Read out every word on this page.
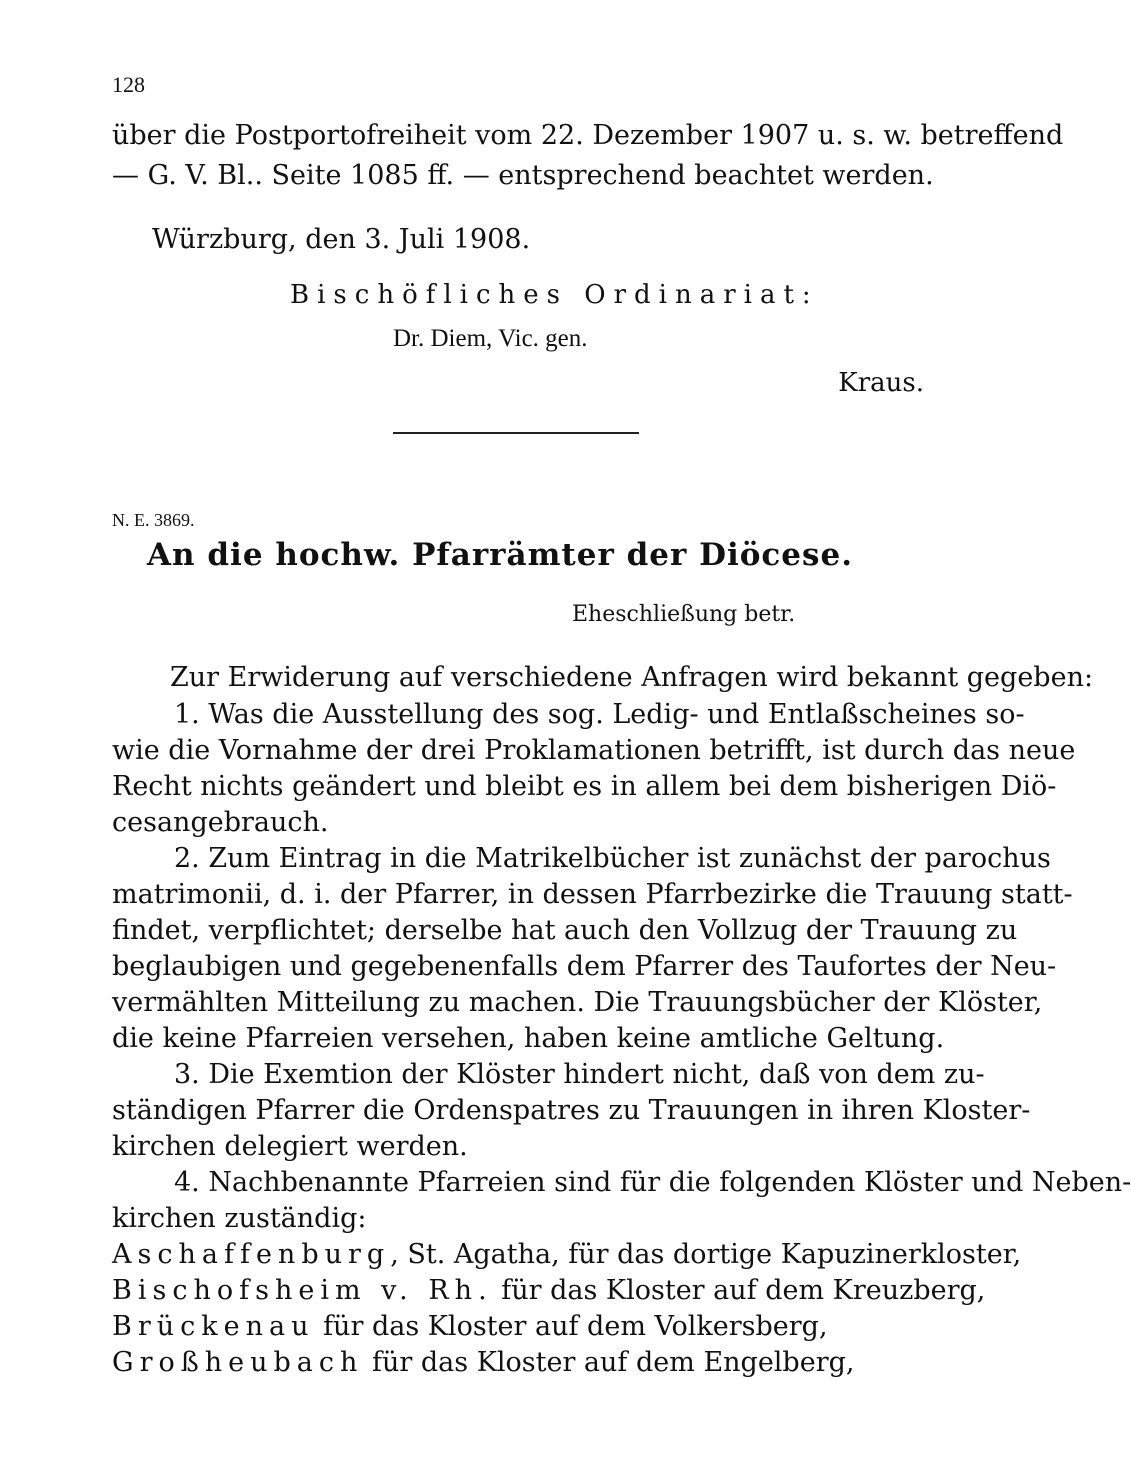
128
über die Postportofreiheit vom 22. Dezember 1907 u. s. w. betreffend
— G. V. Bl.. Seite 1085 ff. — entsprechend beachtet werden.
Würzburg, den 3. Juli 1908.
Bischöfliches Ordinariat:
Dr. Diem, Vic. gen.
Kraus.
N. E. 3869.
An die hochw. Pfarrämter der Diöcese.
Eheschließung betr.
Zur Erwiderung auf verschiedene Anfragen wird bekannt gegeben:
1. Was die Ausstellung des sog. Ledig- und Entlaßscheines so-
wie die Vornahme der drei Proklamationen betrifft, ist durch das neue
Recht nichts geändert und bleibt es in allem bei dem bisherigen Diö-
cesangebrauch.
2. Zum Eintrag in die Matrikelbücher ist zunächst der parochus
matrimonii, d. i. der Pfarrer, in dessen Pfarrbezirke die Trauung statt-
findet, verpflichtet; derselbe hat auch den Vollzug der Trauung zu
beglaubigen und gegebenenfalls dem Pfarrer des Taufortes der Neu-
vermählten Mitteilung zu machen. Die Trauungsbücher der Klöster,
die keine Pfarreien versehen, haben keine amtliche Geltung.
3. Die Exemtion der Klöster hindert nicht, daß von dem zu-
ständigen Pfarrer die Ordenspatres zu Trauungen in ihren Kloster-
kirchen delegiert werden.
4. Nachbenannte Pfarreien sind für die folgenden Klöster und Neben-
kirchen zuständig:
Aschaffenburg, St. Agatha, für das dortige Kapuzinerkloster,
Bischofsheim v. Rh. für das Kloster auf dem Kreuzberg,
Brückenau für das Kloster auf dem Volkersberg,
Großheubach für das Kloster auf dem Engelberg,
